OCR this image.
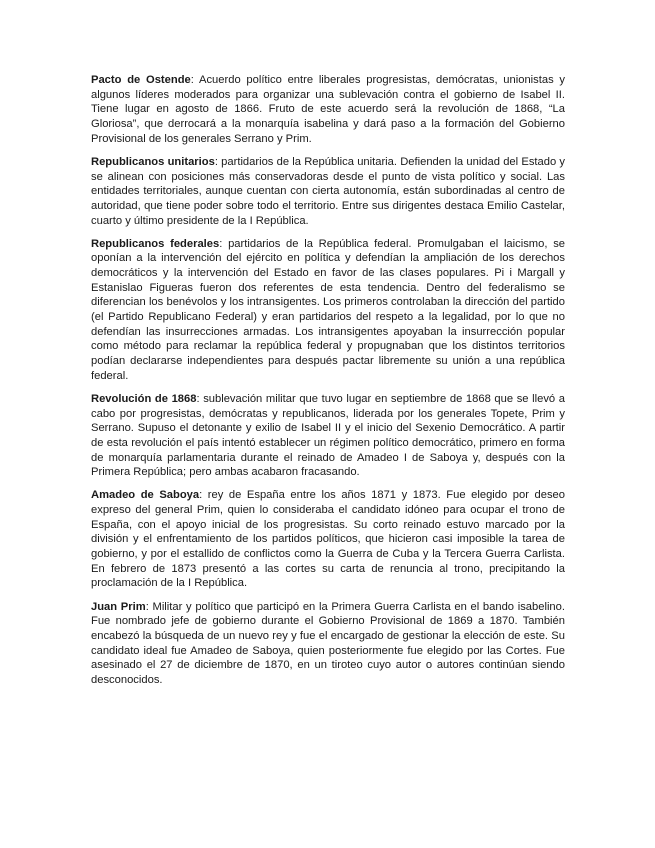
Pacto de Ostende: Acuerdo político entre liberales progresistas, demócratas, unionistas y algunos líderes moderados para organizar una sublevación contra el gobierno de Isabel II. Tiene lugar en agosto de 1866. Fruto de este acuerdo será la revolución de 1868, “La Gloriosa”, que derrocará a la monarquía isabelina y dará paso a la formación del Gobierno Provisional de los generales Serrano y Prim.

Republicanos unitarios: partidarios de la República unitaria. Defienden la unidad del Estado y se alinean con posiciones más conservadoras desde el punto de vista político y social. Las entidades territoriales, aunque cuentan con cierta autonomía, están subordinadas al centro de autoridad, que tiene poder sobre todo el territorio. Entre sus dirigentes destaca Emilio Castelar, cuarto y último presidente de la I República.

Republicanos federales: partidarios de la República federal. Promulgaban el laicismo, se oponían a la intervención del ejército en política y defendían la ampliación de los derechos democráticos y la intervención del Estado en favor de las clases populares. Pi i Margall y Estanislao Figueras fueron dos referentes de esta tendencia. Dentro del federalismo se diferencian los benévolos y los intransigentes. Los primeros controlaban la dirección del partido (el Partido Republicano Federal) y eran partidarios del respeto a la legalidad, por lo que no defendían las insurrecciones armadas. Los intransigentes apoyaban la insurrección popular como método para reclamar la república federal y propugnaban que los distintos territorios podían declararse independientes para después pactar libremente su unión a una república federal.

Revolución de 1868: sublevación militar que tuvo lugar en septiembre de 1868 que se llevó a cabo por progresistas, demócratas y republicanos, liderada por los generales Topete, Prim y Serrano. Supuso el detonante y exilio de Isabel II y el inicio del Sexenio Democrático. A partir de esta revolución el país intentó establecer un régimen político democrático, primero en forma de monarquía parlamentaria durante el reinado de Amadeo I de Saboya y, después con la Primera República; pero ambas acabaron fracasando.

Amadeo de Saboya: rey de España entre los años 1871 y 1873. Fue elegido por deseo expreso del general Prim, quien lo consideraba el candidato idóneo para ocupar el trono de España, con el apoyo inicial de los progresistas. Su corto reinado estuvo marcado por la división y el enfrentamiento de los partidos políticos, que hicieron casi imposible la tarea de gobierno, y por el estallido de conflictos como la Guerra de Cuba y la Tercera Guerra Carlista. En febrero de 1873 presentó a las cortes su carta de renuncia al trono, precipitando la proclamación de la I República.

Juan Prim: Militar y político que participó en la Primera Guerra Carlista en el bando isabelino. Fue nombrado jefe de gobierno durante el Gobierno Provisional de 1869 a 1870. También encabezó la búsqueda de un nuevo rey y fue el encargado de gestionar la elección de este. Su candidato ideal fue Amadeo de Saboya, quien posteriormente fue elegido por las Cortes. Fue asesinado el 27 de diciembre de 1870, en un tiroteo cuyo autor o autores continúan siendo desconocidos.
